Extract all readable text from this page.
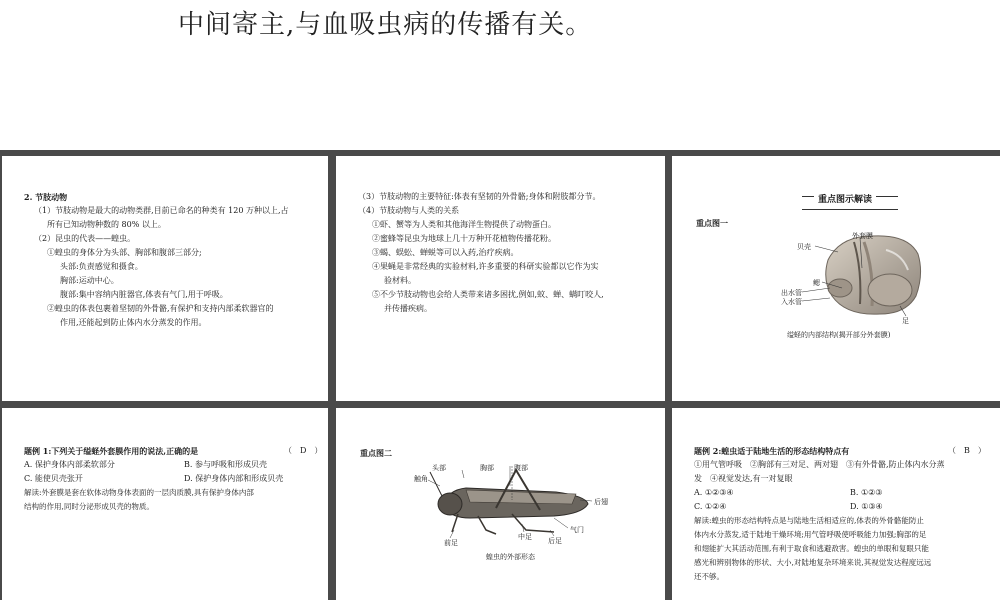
中间寄主,与血吸虫病的传播有关。
2. 节肢动物
（1）节肢动物是最大的动物类群,目前已命名的种类有 120 万种以上,占
所有已知动物种数的 80% 以上。
（2）昆虫的代表——蝗虫。
①蝗虫的身体分为头部、胸部和腹部三部分;
头部:负责感觉和摄食。
胸部:运动中心。
腹部:集中容纳内脏器官,体表有气门,用于呼吸。
②蝗虫的体表包裹着坚韧的外骨骼,有保护和支持内部柔软器官的
作用,还能起到防止体内水分蒸发的作用。
（3）节肢动物的主要特征:体表有坚韧的外骨骼;身体和附肢都分节。
（4）节肢动物与人类的关系
①虾、蟹等为人类和其他海洋生物提供了动物蛋白。
②蜜蜂等昆虫为地球上几十万种开花植物传播花粉。
③蝎、蜈蚣、蝉蜕等可以入药,治疗疾病。
④果蝇是非常经典的实验材料,许多重要的科研实验都以它作为实
验材料。
⑤不少节肢动物也会给人类带来诸多困扰,例如,蚊、蝉、螨叮咬人,
并传播疾病。
重点图示解读
重点图一
外套膜
贝壳
鳃
出水管
入水管
足
缢蛏的内部结构(揭开部分外套膜)
题例 1:下列关于缢蛏外套膜作用的说法,正确的是	（　D　）
A. 保护身体内部柔软部分	B. 参与呼吸和形成贝壳
C. 能使贝壳张开	D. 保护身体内部和形成贝壳
解读:外套膜是套在软体动物身体表面的一层肉质膜,具有保护身体内部
结构的作用,同时分泌形成贝壳的物质。
重点图二
头部	胸部	腹部
触角
后翅
气门
中足 后足
前足
蝗虫的外部形态
题例 2:蝗虫适于陆地生活的形态结构特点有	（　B　）
①用气管呼吸　②胸部有三对足、两对翅　③有外骨骼,防止体内水分蒸
发　④视觉发达,有一对复眼
A. ①②③④	B. ①②③
C. ①②④	D. ①③④
解读:蝗虫的形态结构特点是与陆地生活相适应的,体表的外骨骼能防止
体内水分蒸发,适于陆地干燥环境;用气管呼吸使呼吸能力加强;胸部的足
和翅能扩大其活动范围,有利于取食和逃避敌害。蝗虫的单眼和复眼只能
感光和辨别物体的形状、大小,对陆地复杂环境来说,其视觉发达程度远远
还不够。
